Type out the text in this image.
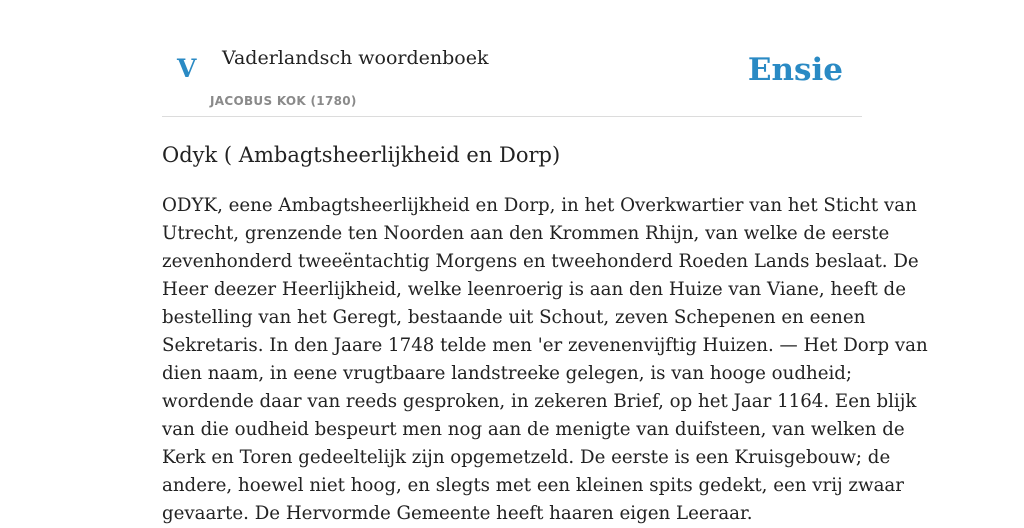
V Vaderlandsch woordenboek
JACOBUS KOK (1780)
Ensie
Odyk ( Ambagtsheerlijkheid en Dorp)

ODYK, eene Ambagtsheerlijkheid en Dorp, in het Overkwartier van het Sticht van
Utrecht, grenzende ten Noorden aan den Krommen Rhijn, van welke de eerste
zevenhonderd tweeëntachtig Morgens en tweehonderd Roeden Lands beslaat. De
Heer deezer Heerlijkheid, welke leenroerig is aan den Huize van Viane, heeft de
bestelling van het Geregt, bestaande uit Schout, zeven Schepenen en eenen
Sekretaris. In den Jaare 1748 telde men 'er zevenenvijftig Huizen. — Het Dorp van
dien naam, in eene vrugtbaare landstreeke gelegen, is van hooge oudheid;
wordende daar van reeds gesproken, in zekeren Brief, op het Jaar 1164. Een blijk
van die oudheid bespeurt men nog aan de menigte van duifsteen, van welken de
Kerk en Toren gedeeltelijk zijn opgemetzeld. De eerste is een Kruisgebouw; de
andere, hoewel niet hoog, en slegts met een kleinen spits gedekt, een vrij zwaar
gevaarte. De Hervormde Gemeente heeft haaren eigen Leeraar.
